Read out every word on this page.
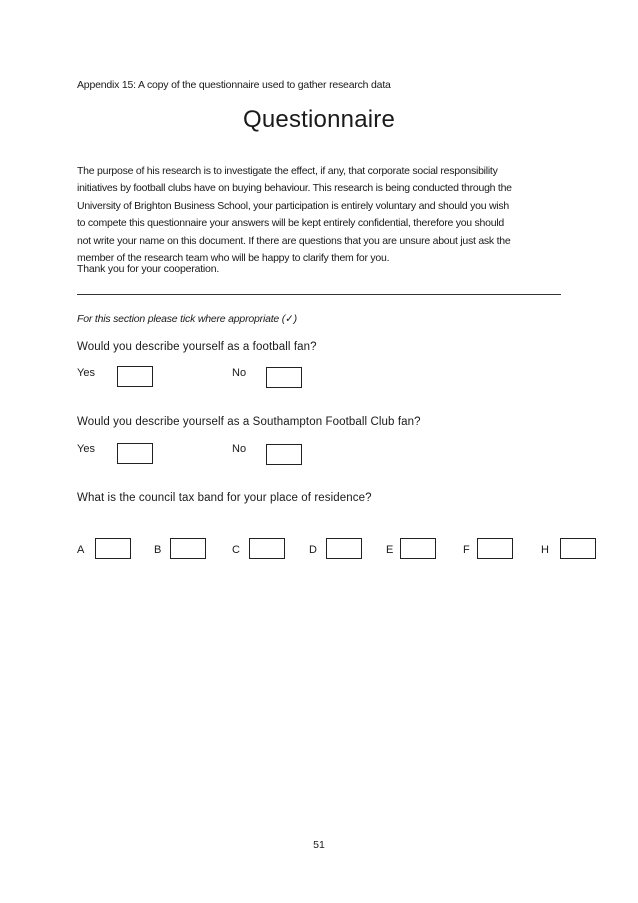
Appendix 15: A copy of the questionnaire used to gather research data
Questionnaire
The purpose of his research is to investigate the effect, if any, that corporate social responsibility
initiatives by football clubs have on buying behaviour. This research is being conducted through the
University of Brighton Business School, your participation is entirely voluntary and should you wish
to compete this questionnaire your answers will be kept entirely confidential, therefore you should
not write your name on this document. If there are questions that you are unsure about just ask the
member of the research team who will be happy to clarify them for you.
Thank you for your cooperation.
For this section please tick where appropriate (✓)
Would you describe yourself as a football fan?
Yes	No
Would you describe yourself as a Southampton Football Club fan?
Yes	No
What is the council tax band for your place of residence?
A	B	C	D	E	F	H
51
